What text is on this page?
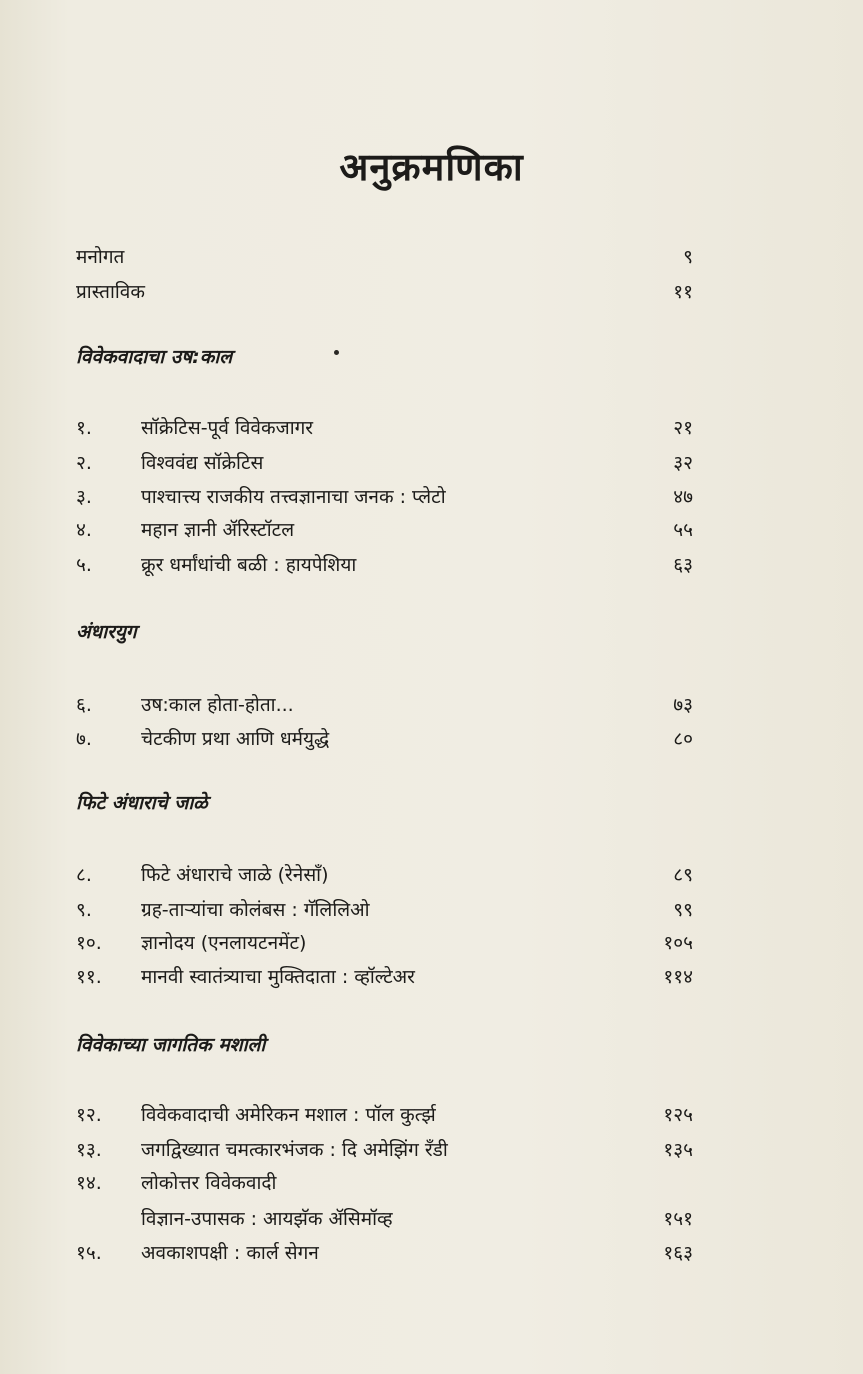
अनुक्रमणिका
मनोगत	९
प्रास्ताविक	११
विवेकवादाचा उष:काल
१.	सॉक्रेटिस-पूर्व विवेकजागर	२१
२.	विश्ववंद्य सॉक्रेटिस	३२
३.	पाश्चात्त्य राजकीय तत्त्वज्ञानाचा जनक : प्लेटो	४७
४.	महान ज्ञानी ॲरिस्टॉटल	५५
५.	क्रूर धर्मांधांची बळी : हायपेशिया	६३
अंधारयुग
६.	उष:काल होता-होता...	७३
७.	चेटकीण प्रथा आणि धर्मयुद्धे	८०
फिटे अंधाराचे जाळे
८.	फिटे अंधाराचे जाळे (रेनेसाँ)	८९
९.	ग्रह-ताऱ्यांचा कोलंबस : गॅलिलिओ	९९
१०. ज्ञानोदय (एनलायटनमेंट)	१०५
११. मानवी स्वातंत्र्याचा मुक्तिदाता : व्हॉल्टेअर	११४
विवेकाच्या जागतिक मशाली
१२. विवेकवादाची अमेरिकन मशाल : पॉल कुर्त्झ	१२५
१३. जगद्विख्यात चमत्कारभंजक : दि अमेझिंग रँडी	१३५
१४. लोकोत्तर विवेकवादी
विज्ञान-उपासक : आयझॅक ॲसिमॉव्ह	१५१
१५. अवकाशपक्षी : कार्ल सेगन	१६३
